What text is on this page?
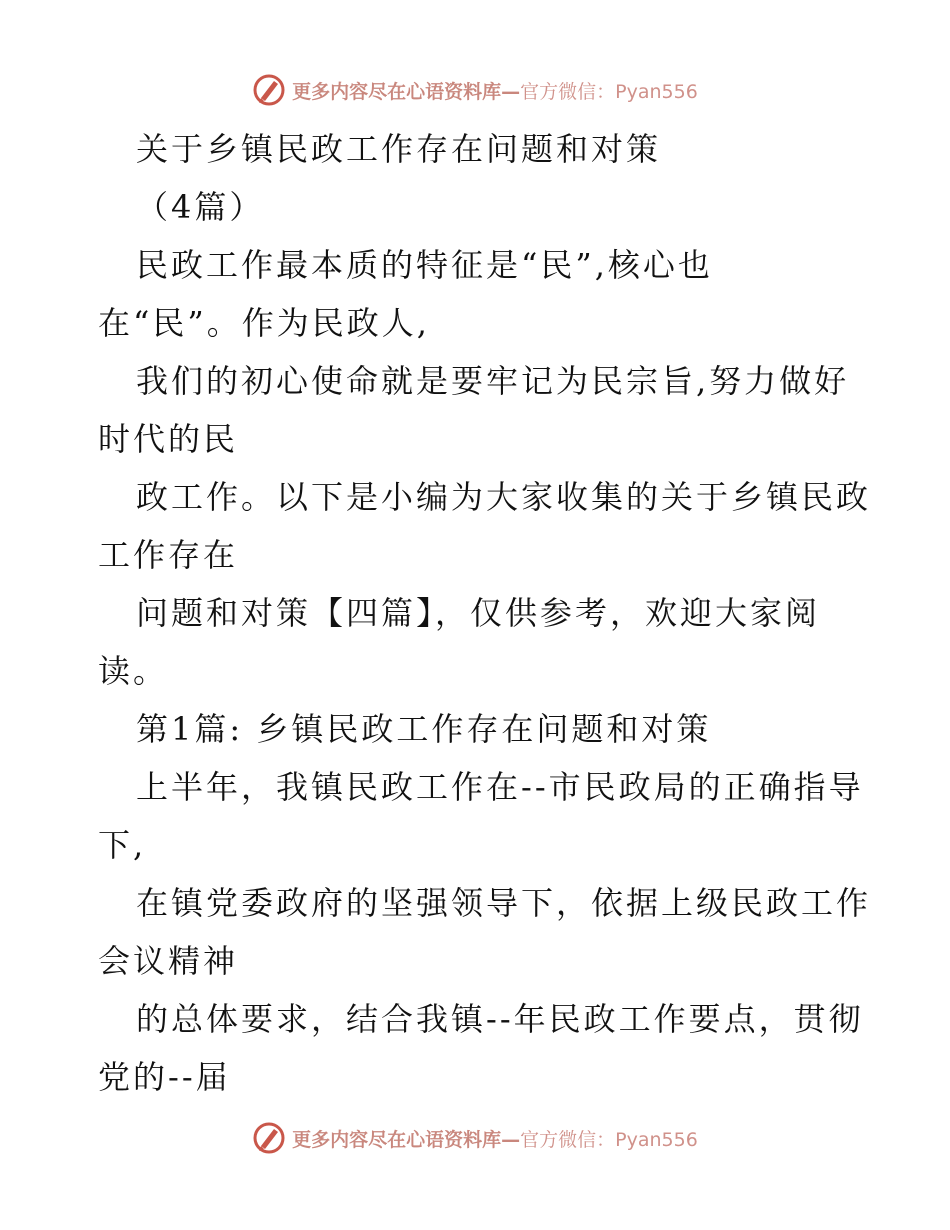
更多内容尽在心语资料库—官方微信：Pyan556
关于乡镇民政工作存在问题和对策
（4篇）
民政工作最本质的特征是“民”,核心也
在“民”。作为民政人,
我们的初心使命就是要牢记为民宗旨,努力做好
时代的民
政工作。以下是小编为大家收集的关于乡镇民政
工作存在
问题和对策【四篇】，仅供参考，欢迎大家阅
读。
第1篇: 乡镇民政工作存在问题和对策
上半年，我镇民政工作在--市民政局的正确指导
下,
在镇党委政府的坚强领导下，依据上级民政工作
会议精神
的总体要求，结合我镇--年民政工作要点，贯彻
党的--届
更多内容尽在心语资料库—官方微信：Pyan556
